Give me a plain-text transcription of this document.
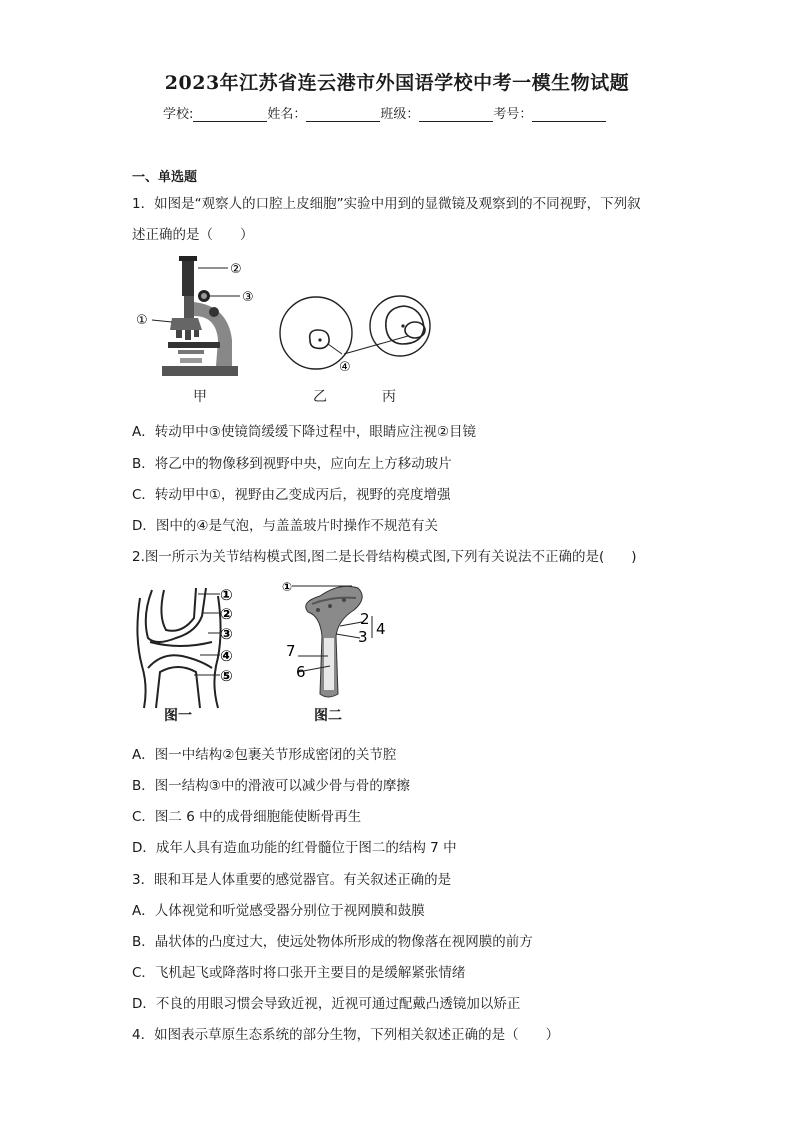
2023年江苏省连云港市外国语学校中考一模生物试题
学校:	姓名：	班级：	考号：
一、单选题
1．如图是“观察人的口腔上皮细胞”实验中用到的显微镜及观察到的不同视野，下列叙
述正确的是（　　）
②
③
①
④
甲	乙	丙
A．转动甲中③使镜筒缓缓下降过程中，眼睛应注视②目镜
B．将乙中的物像移到视野中央，应向左上方移动玻片
C．转动甲中①，视野由乙变成丙后，视野的亮度增强
D．图中的④是气泡，与盖盖玻片时操作不规范有关
2.图一所示为关节结构模式图,图二是长骨结构模式图,下列有关说法不正确的是(　　)
①
②
③
④
⑤
①
2
3 4
7
6
图一	图二
A．图一中结构②包裹关节形成密闭的关节腔
B．图一结构③中的滑液可以减少骨与骨的摩擦
C．图二 6 中的成骨细胞能使断骨再生
D．成年人具有造血功能的红骨髓位于图二的结构 7 中
3．眼和耳是人体重要的感觉器官。有关叙述正确的是
A．人体视觉和听觉感受器分别位于视网膜和鼓膜
B．晶状体的凸度过大，使远处物体所形成的物像落在视网膜的前方
C．飞机起飞或降落时将口张开主要目的是缓解紧张情绪
D．不良的用眼习惯会导致近视，近视可通过配戴凸透镜加以矫正
4．如图表示草原生态系统的部分生物，下列相关叙述正确的是（　　）
